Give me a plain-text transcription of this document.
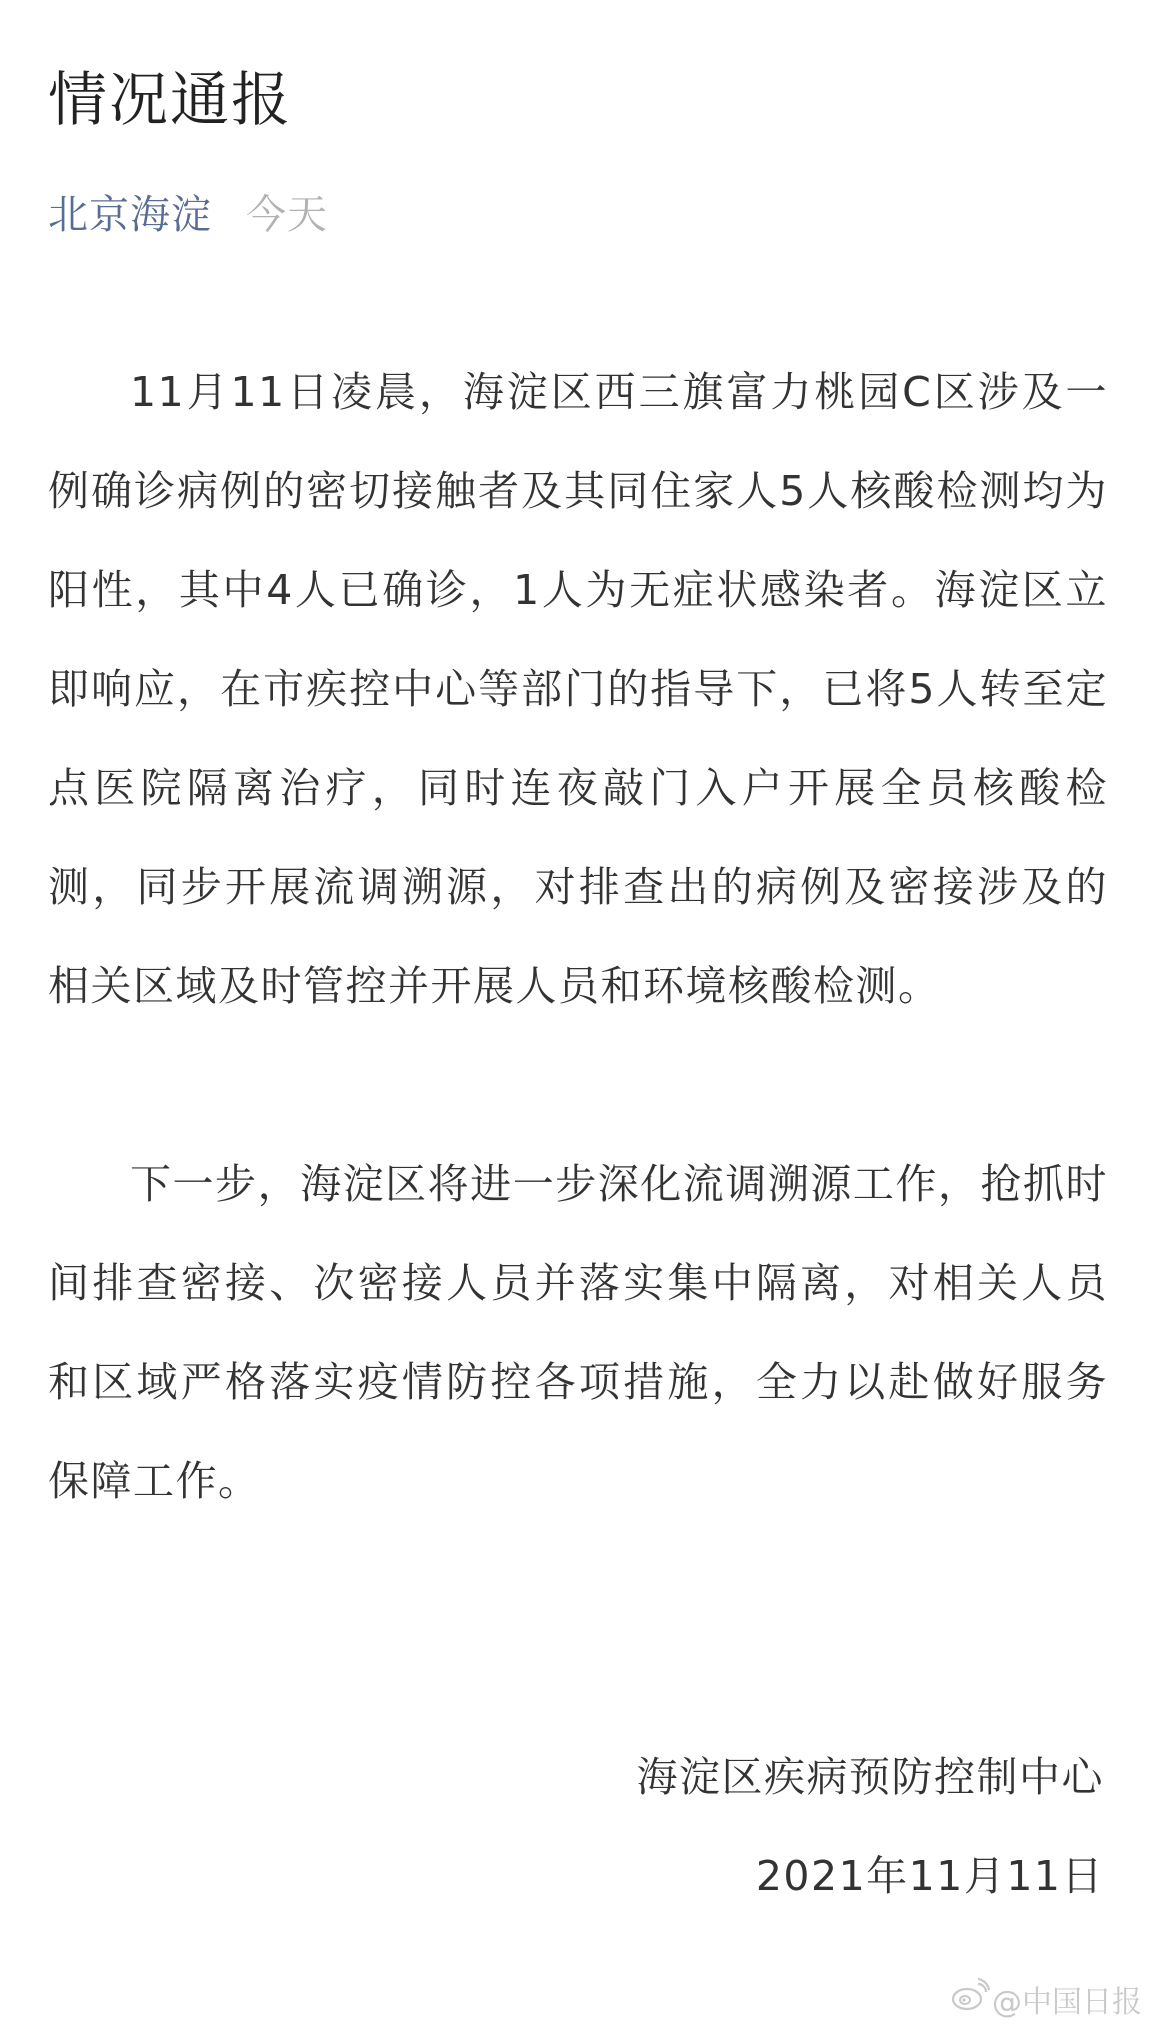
情况通报
北京海淀 今天

11月11日凌晨，海淀区西三旗富力桃园C区涉及一例确诊病例的密切接触者及其同住家人5人核酸检测均为阳性，其中4人已确诊，1人为无症状感染者。海淀区立即响应，在市疾控中心等部门的指导下，已将5人转至定点医院隔离治疗，同时连夜敲门入户开展全员核酸检测，同步开展流调溯源，对排查出的病例及密接涉及的相关区域及时管控并开展人员和环境核酸检测。

下一步，海淀区将进一步深化流调溯源工作，抢抓时间排查密接、次密接人员并落实集中隔离，对相关人员和区域严格落实疫情防控各项措施，全力以赴做好服务保障工作。

海淀区疾病预防控制中心
2021年11月11日
@中国日报
